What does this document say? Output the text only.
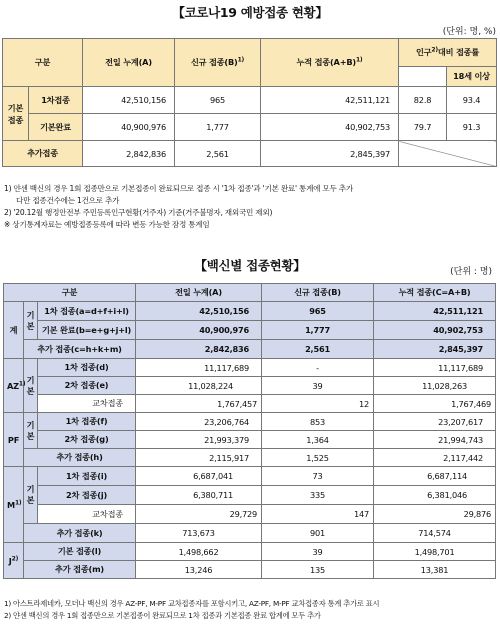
【코로나19 예방접종 현황】
(단위: 명, %)
구분		전일 누계(A)	신규 접종$(B)^{1)}$	누적 접종$(A+B)^{1)}$	인구$^{2)}$대비 접종률	
						18세 이상
기본 접종	1차접종	42,510,156	965	42,511,121	82.8	93.4
	기본완료	40,900,976	1,777	40,902,753	79.7	91.3
추가접종		2,842,836	2,561	2,845,397		
1) 얀센 백신의 경우 1회 접종만으로 기본접종이 완료되므로 접종 시 '1차 접종'과 '기본 완료' 통계에 모두 추가
다만 접종건수에는 1건으로 추가
2) '20.12월 행정안전부 주민등록인구현황(거주자) 기준(거주불명자, 재외국민 제외)
※ 상기통계자료는 예방접종등록에 따라 변동 가능한 잠정 통계임
【백신별 접종현황】	(단위 : 명)
구분			전일 누계(A)	신규 접종(B)	누적 접종(C=A+B)
계	기본	1차 접종(a=d+f+i+l)	42,510,156	965	42,511,121
		기본 완료(b=e+g+j+l)	40,900,976	1,777	40,902,753
	추가 접종(c=h+k+m)		2,842,836	2,561	2,845,397
AZ$^{1)}$	기본	1차 접종(d)	11,117,689	-	11,117,689
		2차 접종(e)	11,028,224	39	11,028,263
		교차접종	1,767,457	12	1,767,469
PF	기본	1차 접종(f)	23,206,764	853	23,207,617
		2차 접종(g)	21,993,379	1,364	21,994,743
	추가 접종(h)		2,115,917	1,525	2,117,442
$M^{1)}$	기본	1차 접종(i)	6,687,041	73	6,687,114
		2차 접종(j)	6,380,711	335	6,381,046
		교차접종	29,729	147	29,876
	추가 접종(k)		713,673	901	714,574
$J^{2)}$	기본 접종(l)		1,498,662	39	1,498,701
	추가 접종(m)		13,246	135	13,381
1) 아스트라제네카, 모더나 백신의 경우 AZ-PF, M-PF 교차접종자를 포함시키고, AZ-PF, M-PF 교차접종자 통계 추가로 표시
2) 얀센 백신의 경우 1회 접종만으로 기본접종이 완료되므로 1차 접종과 기본접종 완료 합계에 모두 추가
